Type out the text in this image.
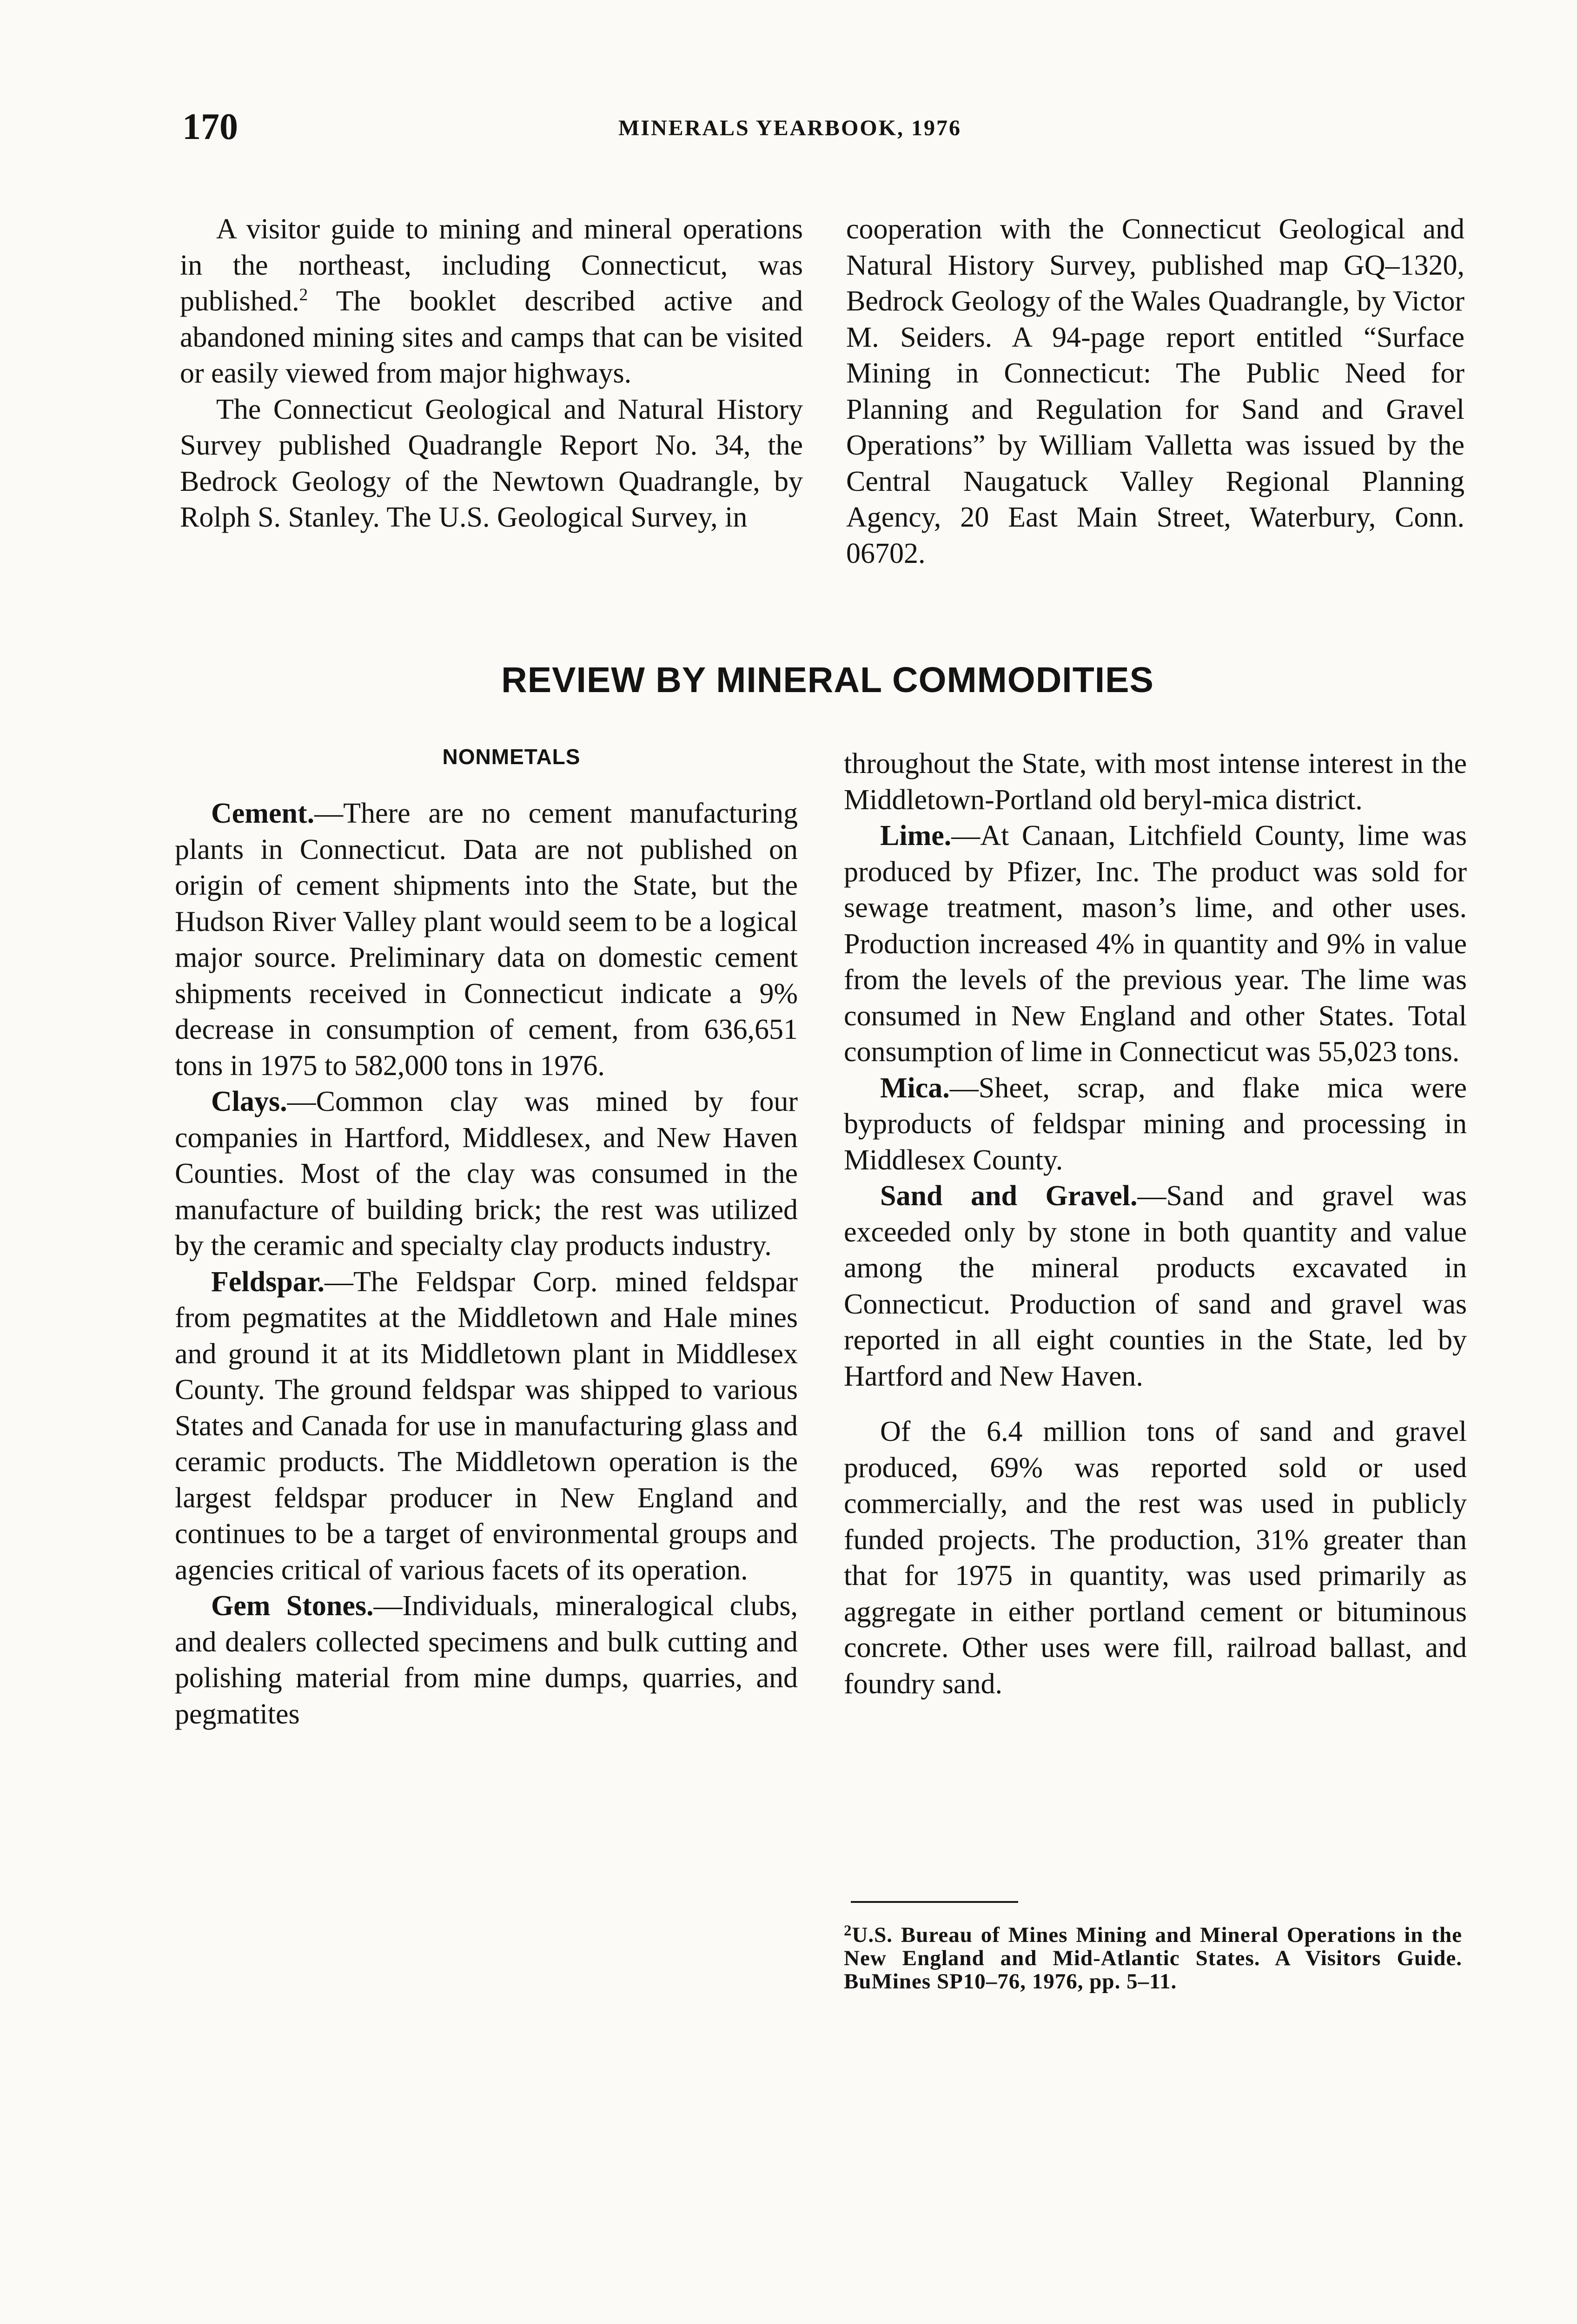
170	MINERALS YEARBOOK, 1976

A visitor guide to mining and mineral operations in the northeast, including Connecticut, was published.$^2$ The booklet described active and abandoned mining sites and camps that can be visited or easily viewed from major highways.

The Connecticut Geological and Natural History Survey published Quadrangle Report No. 34, the Bedrock Geology of the Newtown Quadrangle, by Rolph S. Stanley. The U.S. Geological Survey, in

cooperation with the Connecticut Geological and Natural History Survey, published map GQ–1320, Bedrock Geology of the Wales Quadrangle, by Victor M. Seiders. A 94-page report entitled “Surface Mining in Connecticut: The Public Need for Planning and Regulation for Sand and Gravel Operations” by William Valletta was issued by the Central Naugatuck Valley Regional Planning Agency, 20 East Main Street, Waterbury, Conn. 06702.

REVIEW BY MINERAL COMMODITIES
NONMETALS

Cement.—There are no cement manufacturing plants in Connecticut. Data are not published on origin of cement shipments into the State, but the Hudson River Valley plant would seem to be a logical major source. Preliminary data on domestic cement shipments received in Connecticut indicate a 9% decrease in consumption of cement, from 636,651 tons in 1975 to 582,000 tons in 1976.

Clays.—Common clay was mined by four companies in Hartford, Middlesex, and New Haven Counties. Most of the clay was consumed in the manufacture of building brick; the rest was utilized by the ceramic and specialty clay products industry.

Feldspar.—The Feldspar Corp. mined feldspar from pegmatites at the Middletown and Hale mines and ground it at its Middletown plant in Middlesex County. The ground feldspar was shipped to various States and Canada for use in manufacturing glass and ceramic products. The Middletown operation is the largest feldspar producer in New England and continues to be a target of environmental groups and agencies critical of various facets of its operation.

Gem Stones.—Individuals, mineralogical clubs, and dealers collected specimens and bulk cutting and polishing material from mine dumps, quarries, and pegmatites

throughout the State, with most intense interest in the Middletown-Portland old beryl-mica district.

Lime.—At Canaan, Litchfield County, lime was produced by Pfizer, Inc. The product was sold for sewage treatment, mason’s lime, and other uses. Production increased 4% in quantity and 9% in value from the levels of the previous year. The lime was consumed in New England and other States. Total consumption of lime in Connecticut was 55,023 tons.

Mica.—Sheet, scrap, and flake mica were byproducts of feldspar mining and processing in Middlesex County.

Sand and Gravel.—Sand and gravel was exceeded only by stone in both quantity and value among the mineral products excavated in Connecticut. Production of sand and gravel was reported in all eight counties in the State, led by Hartford and New Haven.

Of the 6.4 million tons of sand and gravel produced, 69% was reported sold or used commercially, and the rest was used in publicly funded projects. The production, 31% greater than that for 1975 in quantity, was used primarily as aggregate in either portland cement or bituminous concrete. Other uses were fill, railroad ballast, and foundry sand.

$^2$U.S. Bureau of Mines Mining and Mineral Operations in the New England and Mid-Atlantic States. A Visitors Guide. BuMines SP10–76, 1976, pp. 5–11.
